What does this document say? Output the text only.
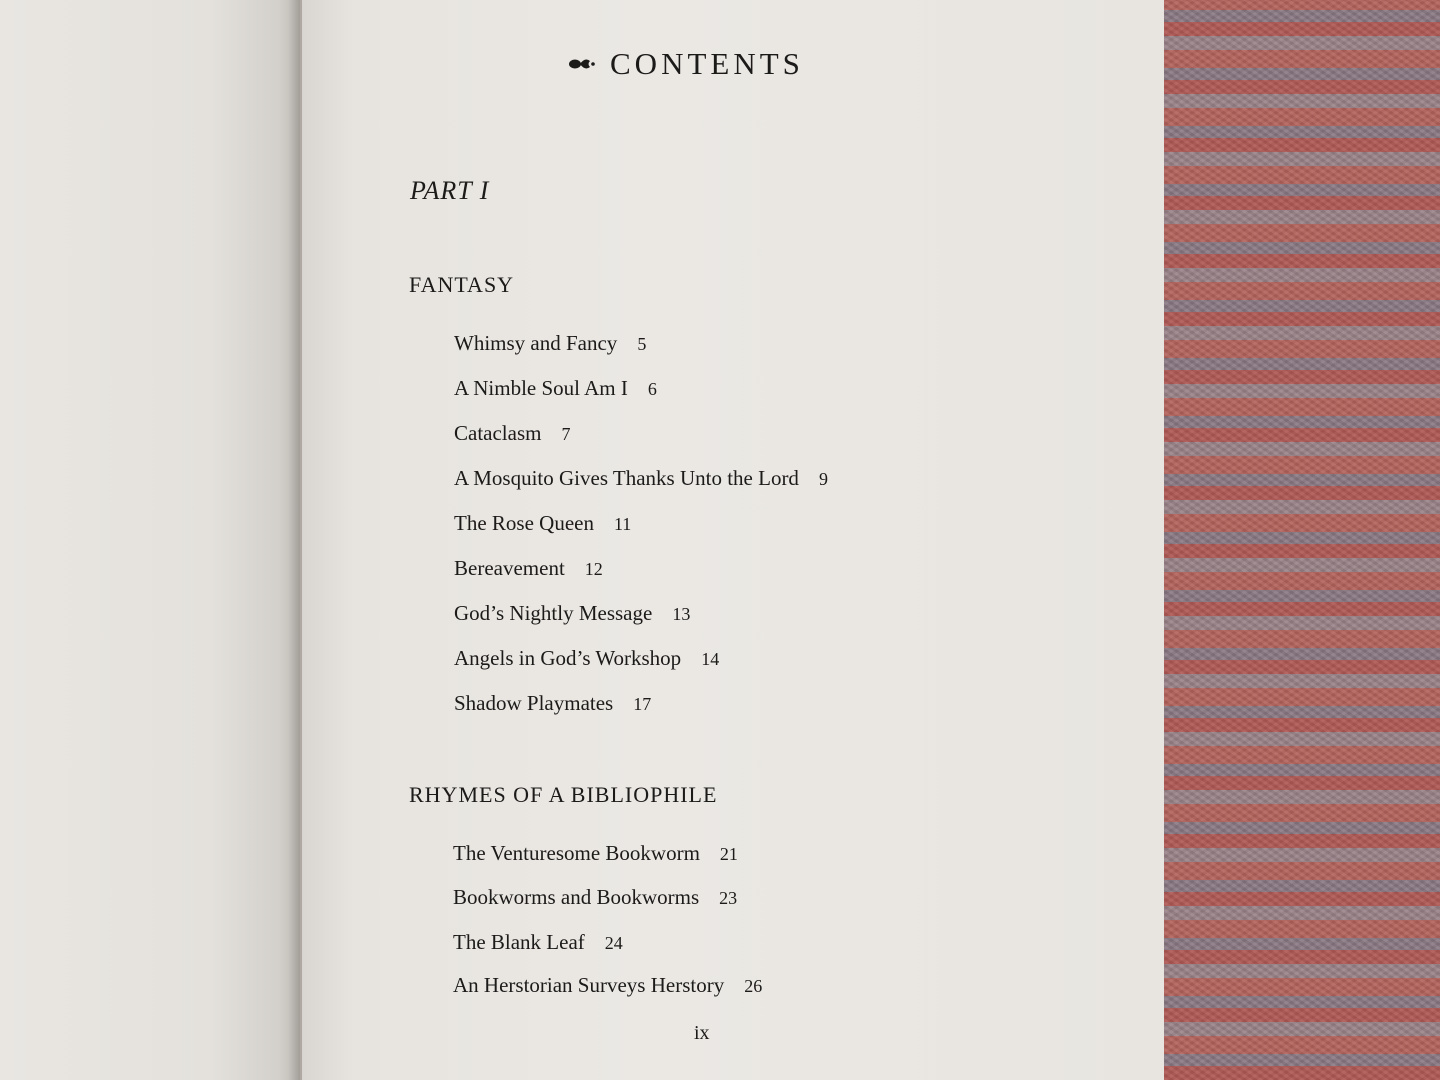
CONTENTS
PART I
FANTASY
Whimsy and Fancy 5
A Nimble Soul Am I 6
Cataclasm 7
A Mosquito Gives Thanks Unto the Lord 9
The Rose Queen 11
Bereavement 12
God’s Nightly Message 13
Angels in God’s Workshop 14
Shadow Playmates 17
RHYMES OF A BIBLIOPHILE
The Venturesome Bookworm 21
Bookworms and Bookworms 23
The Blank Leaf 24
An Herstorian Surveys Herstory 26
ix
